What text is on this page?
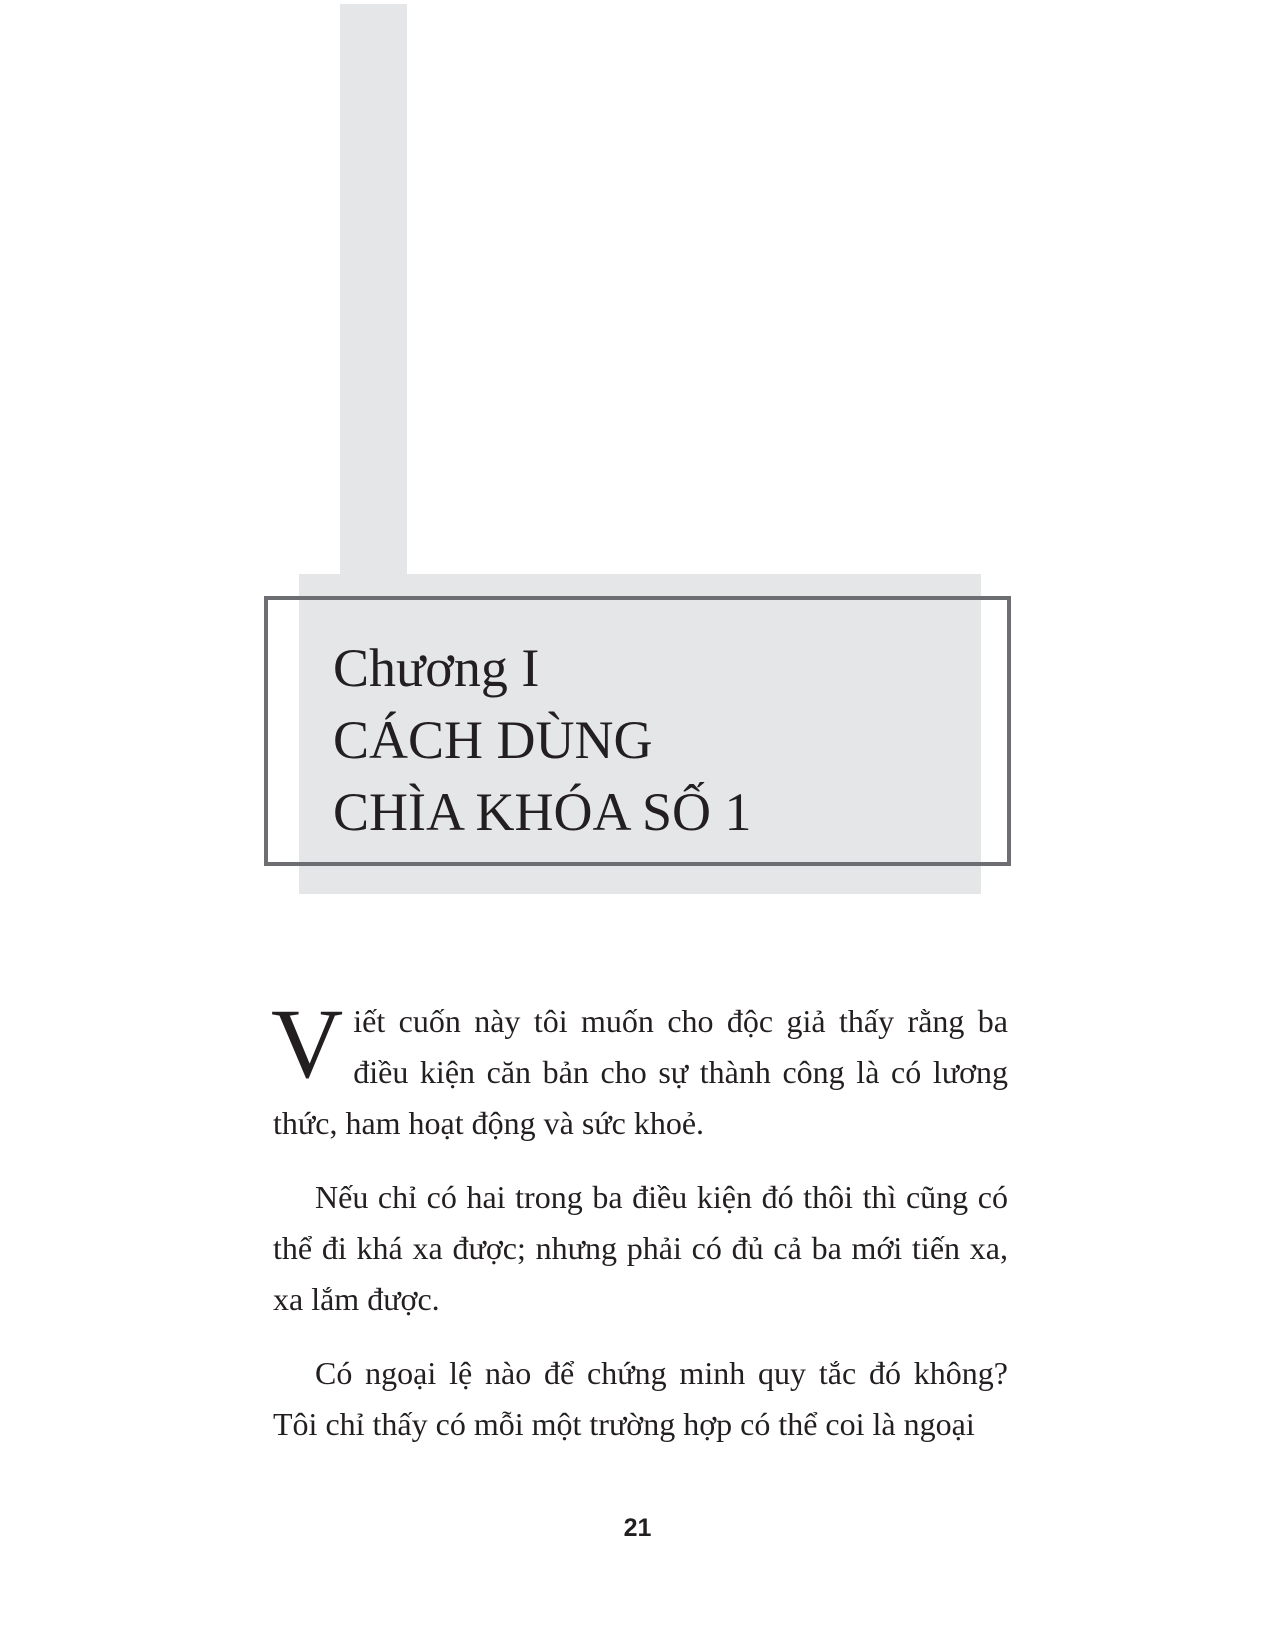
Chương I
CÁCH DÙNG
CHÌA KHÓA SỐ 1

Viết cuốn này tôi muốn cho độc giả thấy rằng ba điều kiện căn bản cho sự thành công là có lương thức, ham hoạt động và sức khoẻ.

Nếu chỉ có hai trong ba điều kiện đó thôi thì cũng có thể đi khá xa được; nhưng phải có đủ cả ba mới tiến xa, xa lắm được.

Có ngoại lệ nào để chứng minh quy tắc đó không? Tôi chỉ thấy có mỗi một trường hợp có thể coi là ngoại

21
